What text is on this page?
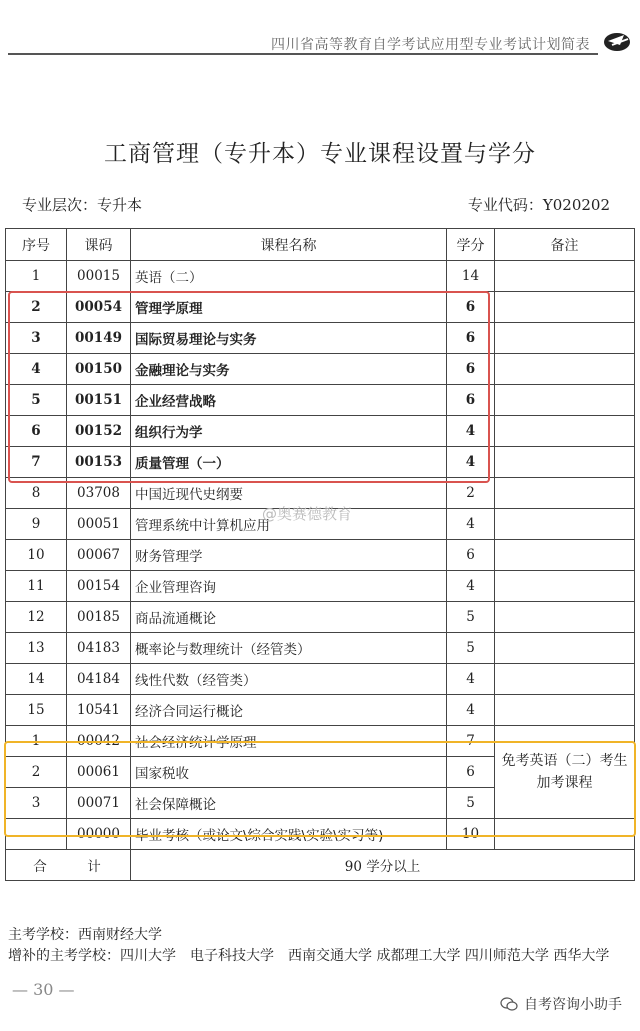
四川省高等教育自学考试应用型专业考试计划简表
工商管理（专升本）专业课程设置与学分
专业层次：专升本	专业代码：Y020202
序号	课码	课程名称	学分	备注
1	00015	英语（二）	14	
2	00054	管理学原理	6	
3	00149	国际贸易理论与实务	6	
4	00150	金融理论与实务	6	
5	00151	企业经营战略	6	
6	00152	组织行为学	4	
7	00153	质量管理（一）	4	
8	03708	中国近现代史纲要	2	
9	00051	管理系统中计算机应用	4	
10	00067	财务管理学	6	
11	00154	企业管理咨询	4	
12	00185	商品流通概论	5	
13	04183	概率论与数理统计（经管类）	5	
14	04184	线性代数（经管类）	4	
15	10541	经济合同运行概论	4	
1	00042	社会经济统计学原理	7	免考英语（二）考生加考课程
2	00061	国家税收	6	
3	00071	社会保障概论	5	
	00000	毕业考核（或论文\综合实践\实验\实习等)	10	
合 计		90 学分以上		
@奥赛德教育
主考学校：西南财经大学
增补的主考学校：四川大学　电子科技大学　西南交通大学 成都理工大学 四川师范大学 西华大学
— 30 —
自考咨询小助手
